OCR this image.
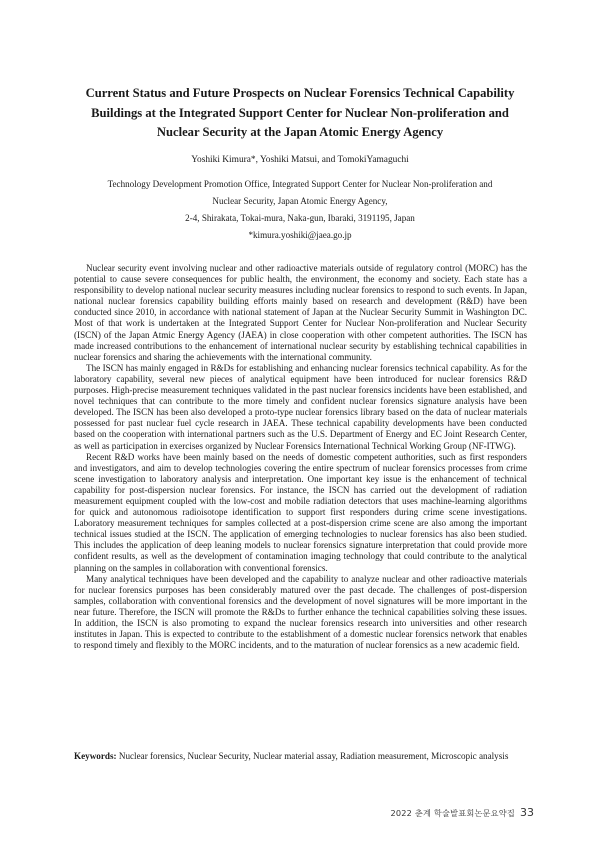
Current Status and Future Prospects on Nuclear Forensics Technical Capability
Buildings at the Integrated Support Center for Nuclear Non-proliferation and
Nuclear Security at the Japan Atomic Energy Agency
Yoshiki Kimura*, Yoshiki Matsui, and TomokiYamaguchi
Technology Development Promotion Office, Integrated Support Center for Nuclear Non-proliferation and
Nuclear Security, Japan Atomic Energy Agency,
2-4, Shirakata, Tokai-mura, Naka-gun, Ibaraki, 3191195, Japan
*kimura.yoshiki@jaea.go.jp

Nuclear security event involving nuclear and other radioactive materials outside of regulatory control (MORC) has the potential to cause severe consequences for public health, the environment, the economy and society. Each state has a responsibility to develop national nuclear security measures including nuclear forensics to respond to such events. In Japan, national nuclear forensics capability building efforts mainly based on research and development (R&D) have been conducted since 2010, in accordance with national statement of Japan at the Nuclear Security Summit in Washington DC. Most of that work is undertaken at the Integrated Support Center for Nuclear Non-proliferation and Nuclear Security (ISCN) of the Japan Atmic Energy Agency (JAEA) in close cooperation with other competent authorities. The ISCN has made increased contributions to the enhancement of international nuclear security by establishing technical capabilities in nuclear forensics and sharing the achievements with the international community.

The ISCN has mainly engaged in R&Ds for establishing and enhancing nuclear forensics technical capability. As for the laboratory capability, several new pieces of analytical equipment have been introduced for nuclear forensics R&D purposes. High-precise measurement techniques validated in the past nuclear forensics incidents have been established, and novel techniques that can contribute to the more timely and confident nuclear forensics signature analysis have been developed. The ISCN has been also developed a proto-type nuclear forensics library based on the data of nuclear materials possessed for past nuclear fuel cycle research in JAEA. These technical capability developments have been conducted based on the cooperation with international partners such as the U.S. Department of Energy and EC Joint Research Center, as well as participation in exercises organized by Nuclear Forensics International Technical Working Group (NF-ITWG).

Recent R&D works have been mainly based on the needs of domestic competent authorities, such as first responders and investigators, and aim to develop technologies covering the entire spectrum of nuclear forensics processes from crime scene investigation to laboratory analysis and interpretation. One important key issue is the enhancement of technical capability for post-dispersion nuclear forensics. For instance, the ISCN has carried out the development of radiation measurement equipment coupled with the low-cost and mobile radiation detectors that uses machine-learning algorithms for quick and autonomous radioisotope identification to support first responders during crime scene investigations. Laboratory measurement techniques for samples collected at a post-dispersion crime scene are also among the important technical issues studied at the ISCN. The application of emerging technologies to nuclear forensics has also been studied. This includes the application of deep leaning models to nuclear forensics signature interpretation that could provide more confident results, as well as the development of contamination imaging technology that could contribute to the analytical planning on the samples in collaboration with conventional forensics.

Many analytical techniques have been developed and the capability to analyze nuclear and other radioactive materials for nuclear forensics purposes has been considerably matured over the past decade. The challenges of post-dispersion samples, collaboration with conventional forensics and the development of novel signatures will be more important in the near future. Therefore, the ISCN will promote the R&Ds to further enhance the technical capabilities solving these issues. In addition, the ISCN is also promoting to expand the nuclear forensics research into universities and other research institutes in Japan. This is expected to contribute to the establishment of a domestic nuclear forensics network that enables to respond timely and flexibly to the MORC incidents, and to the maturation of nuclear forensics as a new academic field.

Keywords: Nuclear forensics, Nuclear Security, Nuclear material assay, Radiation measurement, Microscopic analysis
2022 춘계 학술발표회논문요약집 33
